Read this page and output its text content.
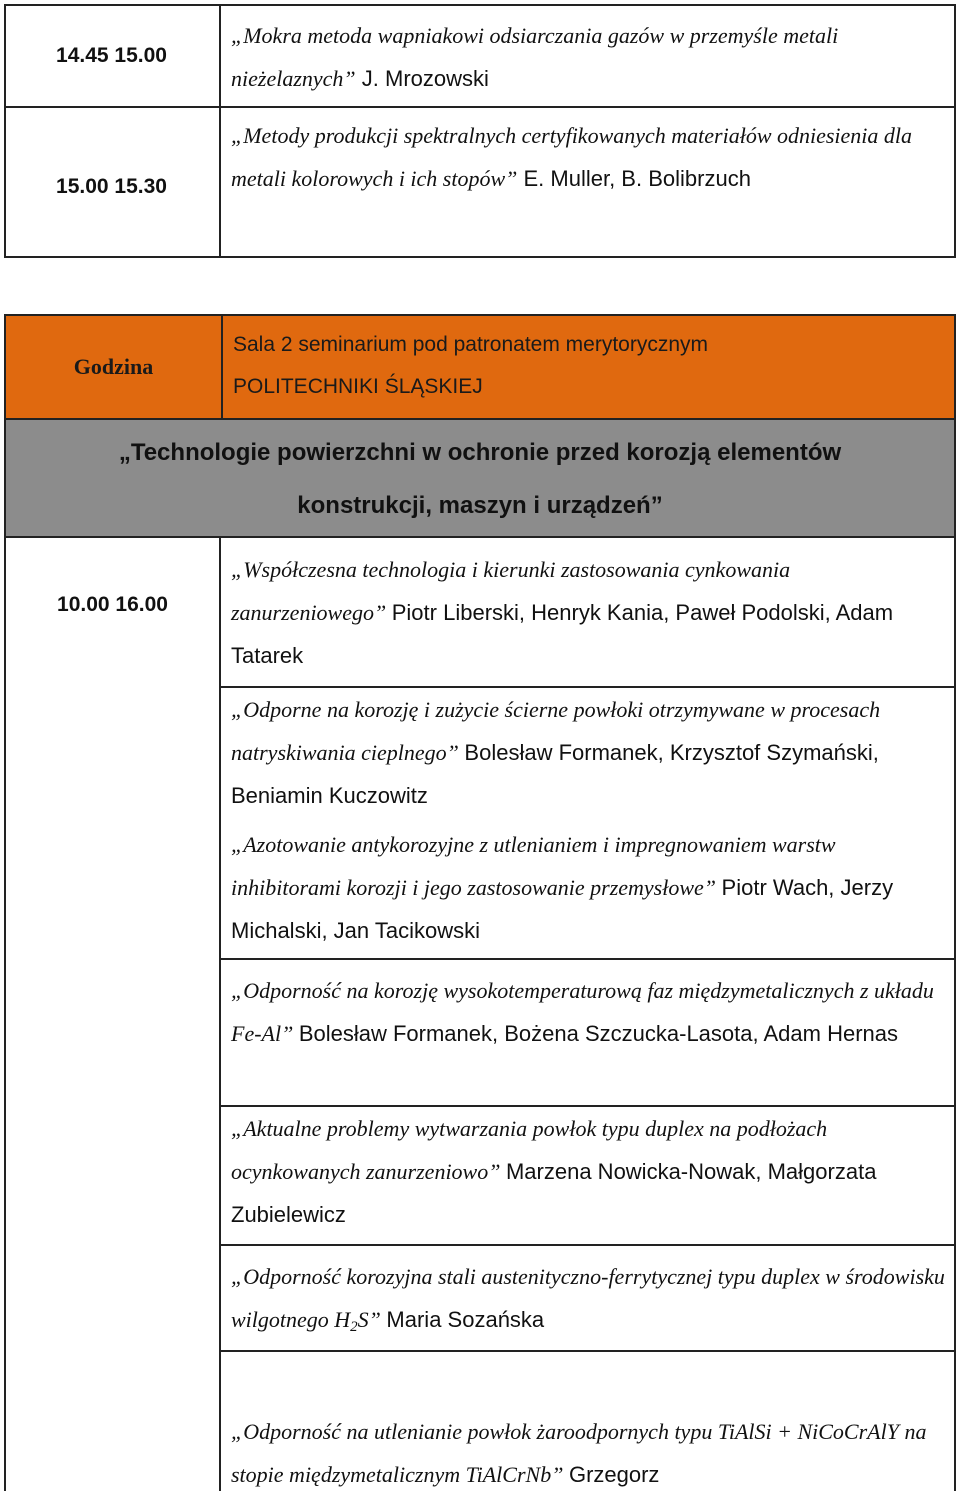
14.45 15.00
„Mokra metoda wapniakowi odsiarczania gazów w przemyśle metali nieżelaznych” J. Mrozowski
15.00 15.30
„Metody produkcji spektralnych certyfikowanych materiałów odniesienia dla metali kolorowych i ich stopów” E. Muller, B. Bolibrzuch
Godzina
Sala 2 seminarium pod patronatem merytorycznym
POLITECHNIKI ŚLĄSKIEJ
„Technologie powierzchni w ochronie przed korozją elementów
konstrukcji, maszyn i urządzeń”
10.00 16.00
„Współczesna technologia i kierunki zastosowania cynkowania zanurzeniowego” Piotr Liberski, Henryk Kania, Paweł Podolski, Adam Tatarek
„Odporne na korozję i zużycie ścierne powłoki otrzymywane w procesach natryskiwania cieplnego” Bolesław Formanek, Krzysztof Szymański, Beniamin Kuczowitz
„Azotowanie antykorozyjne z utlenianiem i impregnowaniem warstw inhibitorami korozji i jego zastosowanie przemysłowe” Piotr Wach, Jerzy Michalski, Jan Tacikowski
„Odporność na korozję wysokotemperaturową faz międzymetalicznych z układu Fe-Al” Bolesław Formanek, Bożena Szczucka-Lasota, Adam Hernas
„Aktualne problemy wytwarzania powłok typu duplex na podłożach ocynkowanych zanurzeniowo” Marzena Nowicka-Nowak, Małgorzata Zubielewicz
„Odporność korozyjna stali austenityczno-ferrytycznej typu duplex w środowisku wilgotnego $H_2S$” Maria Sozańska
„Odporność na utlenianie powłok żaroodpornych typu TiAlSi + NiCoCrAlY na stopie międzymetalicznym TiAlCrNb” Grzegorz
